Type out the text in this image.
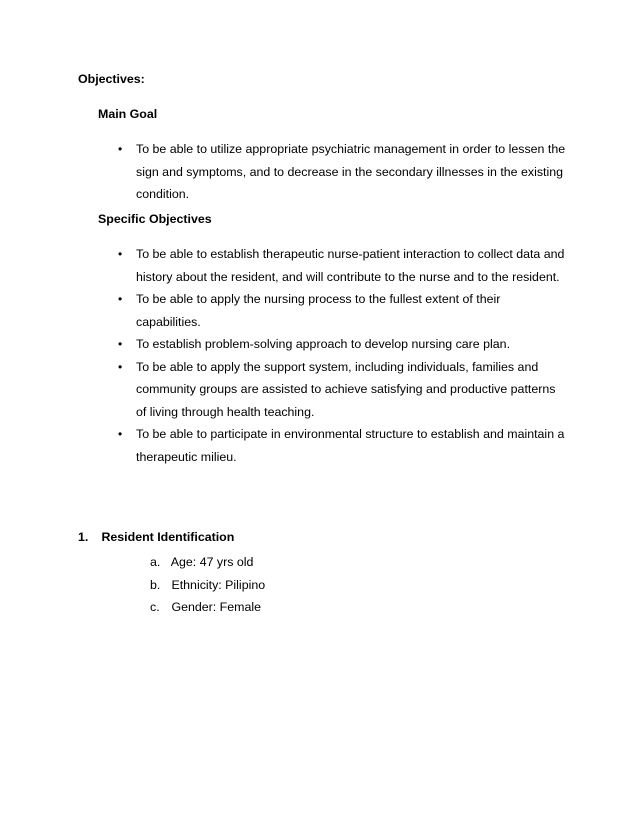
Objectives:
Main Goal
• To be able to utilize appropriate psychiatric management in order to lessen the sign and symptoms, and to decrease in the secondary illnesses in the existing condition.
Specific Objectives
• To be able to establish therapeutic nurse-patient interaction to collect data and history about the resident, and will contribute to the nurse and to the resident.
• To be able to apply the nursing process to the fullest extent of their capabilities.
• To establish problem-solving approach to develop nursing care plan.
• To be able to apply the support system, including individuals, families and community groups are assisted to achieve satisfying and productive patterns of living through health teaching.
• To be able to participate in environmental structure to establish and maintain a therapeutic milieu.
1. Resident Identification
a. Age: 47 yrs old
b. Ethnicity: Pilipino
c. Gender: Female
